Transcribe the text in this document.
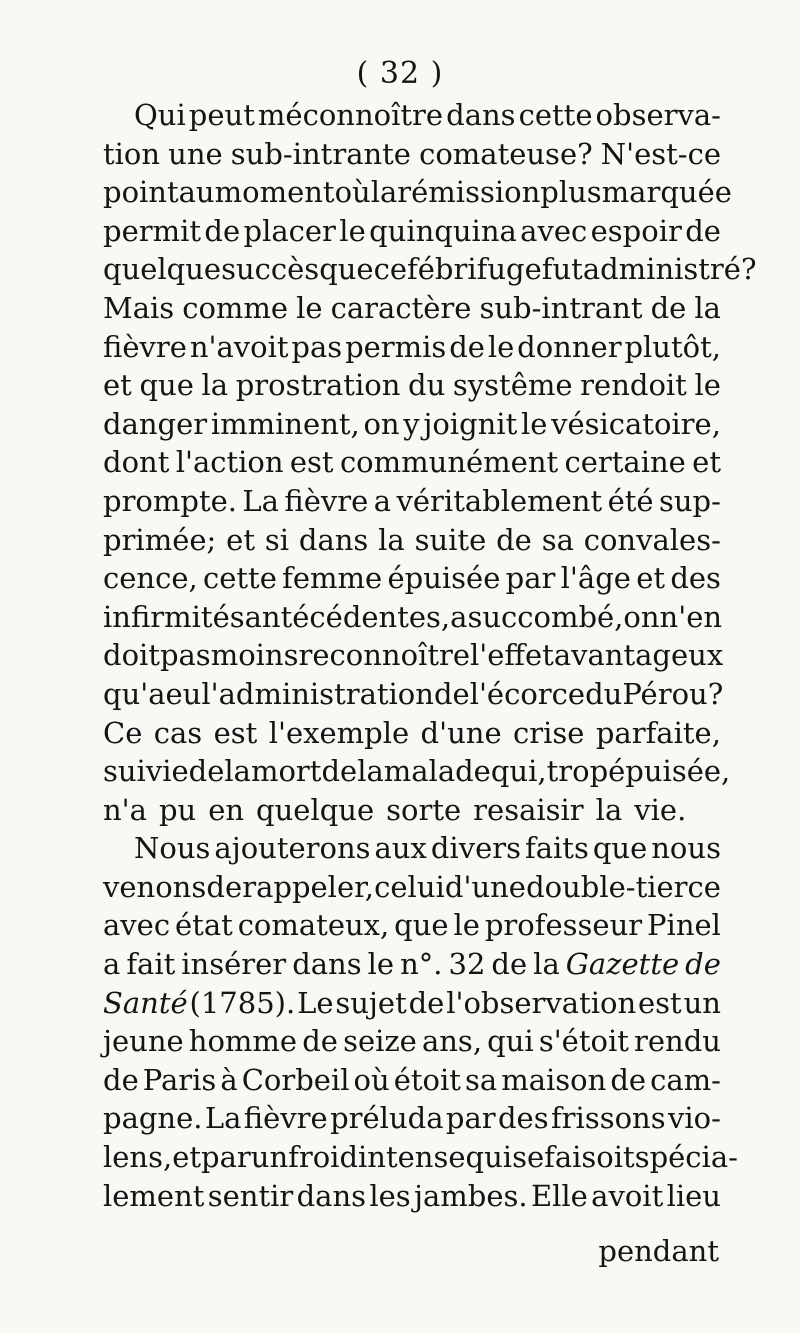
( 32 )
Qui peut méconnoître dans cette observa-
tion une sub-intrante comateuse? N'est-ce
point au moment où la rémission plus marquée
permit de placer le quinquina avec espoir de
quelque succès que ce fébrifuge fut administré?
Mais comme le caractère sub-intrant de la
fièvre n'avoit pas permis de le donner plutôt,
et que la prostration du systême rendoit le
danger imminent, on y joignit le vésicatoire,
dont l'action est communément certaine et
prompte. La fièvre a véritablement été sup-
primée; et si dans la suite de sa convales-
cence, cette femme épuisée par l'âge et des
infirmités antécédentes, a succombé, on n'en
doit pas moins reconnoître l'effet avantageux
qu'a eu l'administration de l'écorce du Pérou?
Ce cas est l'exemple d'une crise parfaite,
suivie de la mort de la malade qui, trop épuisée,
n'a pu en quelque sorte resaisir la vie.
Nous ajouterons aux divers faits que nous
venons de rappeler, celui d'une double-tierce
avec état comateux, que le professeur Pinel
a fait insérer dans le n°. 32 de la Gazette de
Santé (1785). Le sujet de l'observation est un
jeune homme de seize ans, qui s'étoit rendu
de Paris à Corbeil où étoit sa maison de cam-
pagne. La fièvre préluda par des frissons vio-
lens, et par un froid intense qui se faisoit spécia-
lement sentir dans les jambes. Elle avoit lieu
pendant
